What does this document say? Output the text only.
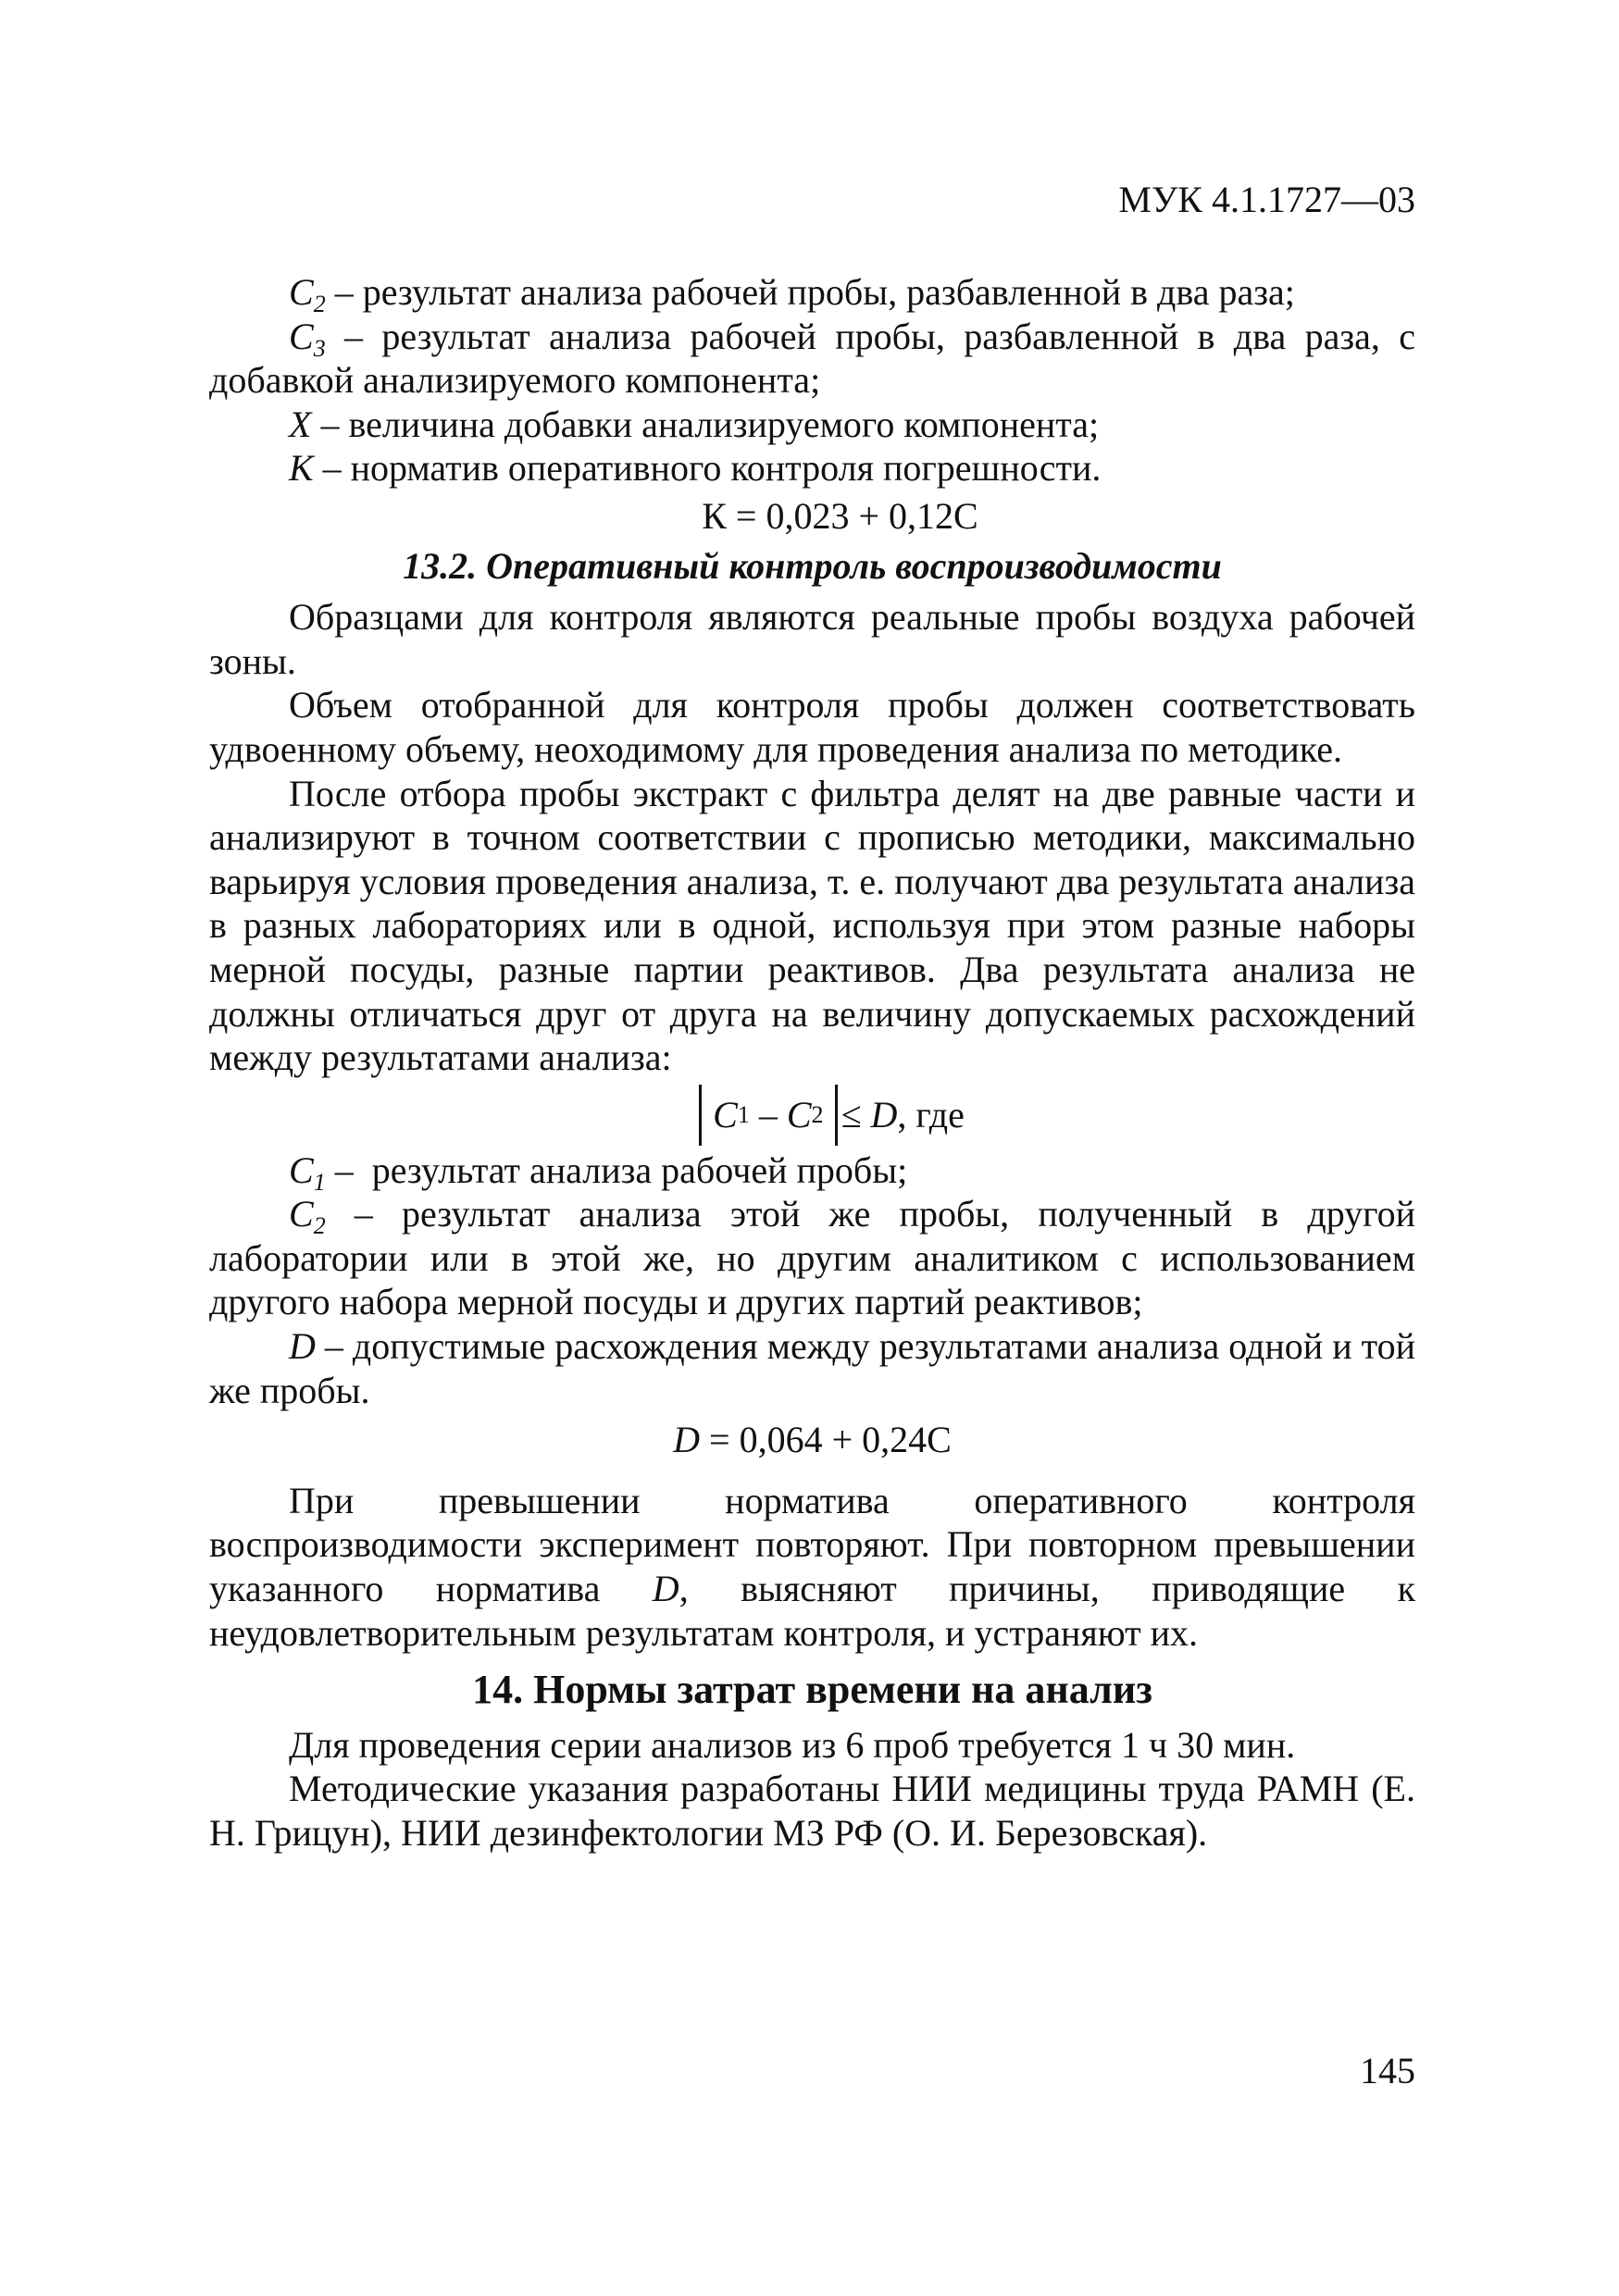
МУК 4.1.1727—03

$C_2$ – результат анализа рабочей пробы, разбавленной в два раза;

$C_3$ – результат анализа рабочей пробы, разбавленной в два раза, с добавкой анализируемого компонента;

X – величина добавки анализируемого компонента;

К – норматив оперативного контроля погрешности.

К = 0,023 + 0,12C

13.2. Оперативный контроль воспроизводимости

Образцами для контроля являются реальные пробы воздуха рабочей зоны.

Объем отобранной для контроля пробы должен соответствовать удвоенному объему, неоходимому для проведения анализа по методике.

После отбора пробы экстракт с фильтра делят на две равные части и анализируют в точном соответствии с прописью методики, максимально варьируя условия проведения анализа, т. е. получают два результата анализа в разных лабораториях или в одной, используя при этом разные наборы мерной посуды, разные партии реактивов. Два результата анализа не должны отличаться друг от друга на величину допускаемых расхождений между результатами анализа:

C 1 – C 2 ≤ D , где

$C_1$ –  результат анализа рабочей пробы;

$C_2$ – результат анализа этой же пробы, полученный в другой лаборатории или в этой же, но другим аналитиком с использованием другого набора мерной посуды и других партий реактивов;

D – допустимые расхождения между результатами анализа одной и той же пробы.

D = 0,064 + 0,24C

При превышении норматива оперативного контроля воспроизводимости эксперимент повторяют. При повторном превышении указанного норматива D, выясняют причины, приводящие к неудовлетворительным результатам контроля, и устраняют их.

14. Нормы затрат времени на анализ

Для проведения серии анализов из 6 проб требуется 1 ч 30 мин.

Методические указания разработаны НИИ медицины труда РАМН (Е. Н. Грицун), НИИ дезинфектологии МЗ РФ (О. И. Березовская).

145
